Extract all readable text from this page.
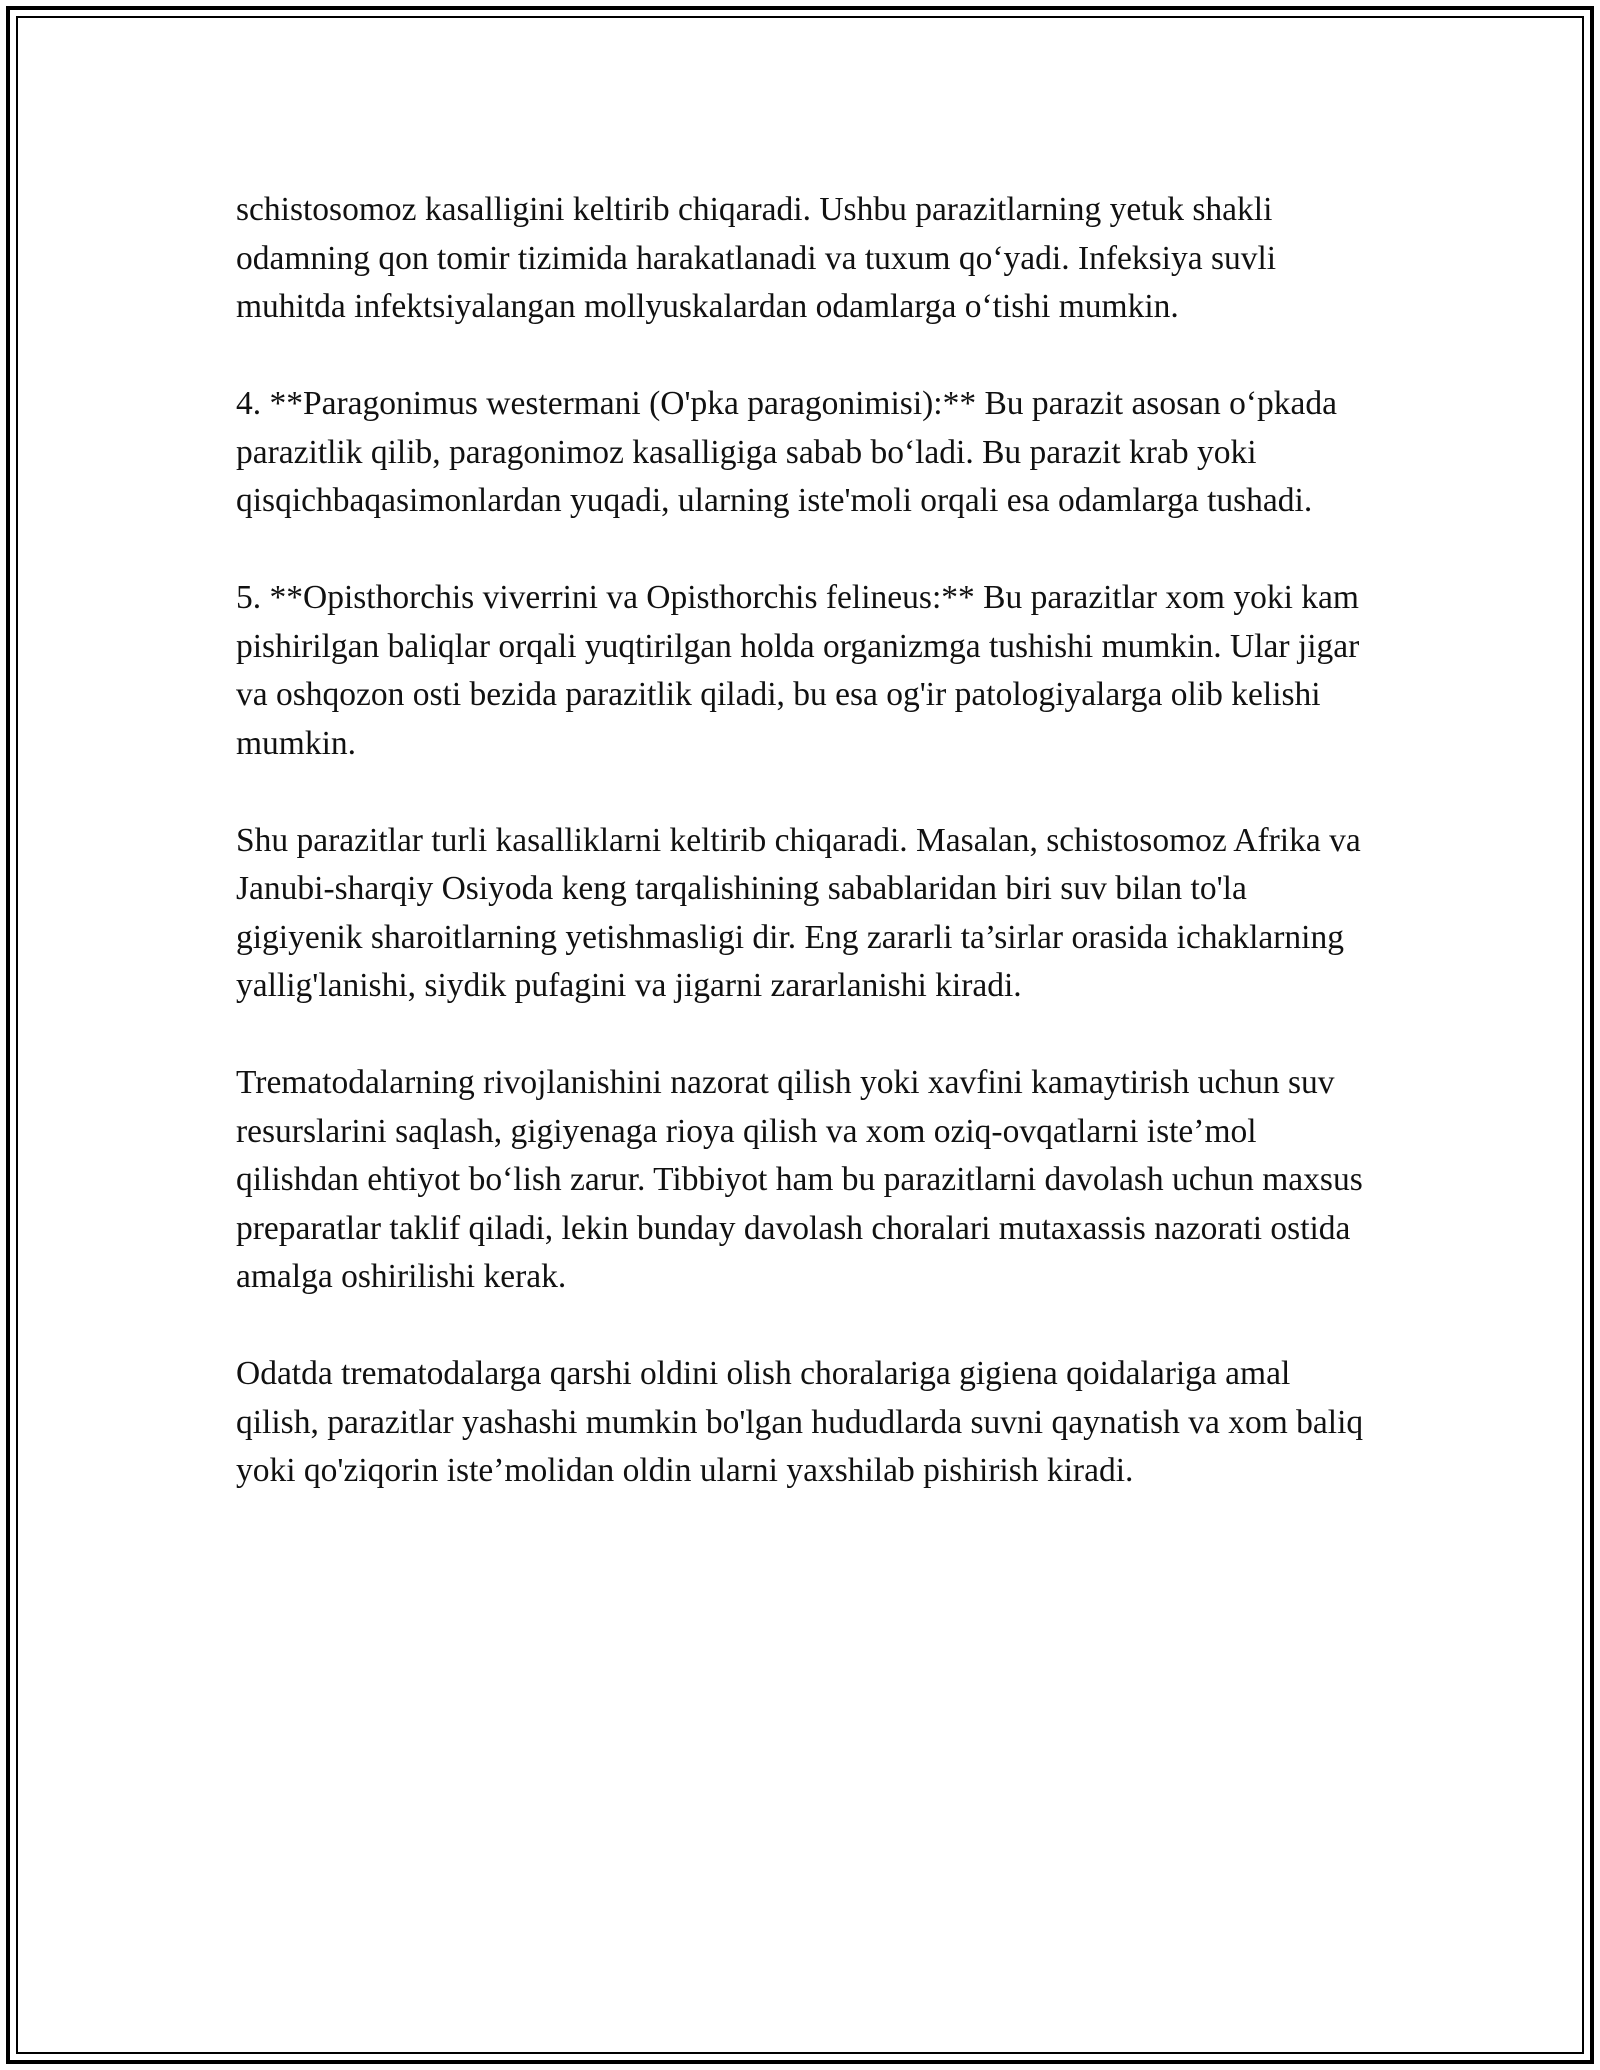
schistosomoz kasalligini keltirib chiqaradi. Ushbu parazitlarning yetuk shakli odamning qon tomir tizimida harakatlanadi va tuxum qo‘yadi. Infeksiya suvli muhitda infektsiyalangan mollyuskalardan odamlarga o‘tishi mumkin.

4. **Paragonimus westermani (O'pka paragonimisi):** Bu parazit asosan o‘pkada parazitlik qilib, paragonimoz kasalligiga sabab bo‘ladi. Bu parazit krab yoki qisqichbaqasimonlardan yuqadi, ularning iste'moli orqali esa odamlarga tushadi.

5. **Opisthorchis viverrini va Opisthorchis felineus:** Bu parazitlar xom yoki kam pishirilgan baliqlar orqali yuqtirilgan holda organizmga tushishi mumkin. Ular jigar va oshqozon osti bezida parazitlik qiladi, bu esa og'ir patologiyalarga olib kelishi mumkin.

Shu parazitlar turli kasalliklarni keltirib chiqaradi. Masalan, schistosomoz Afrika va Janubi-sharqiy Osiyoda keng tarqalishining sabablaridan biri suv bilan to'la gigiyenik sharoitlarning yetishmasligi dir. Eng zararli ta’sirlar orasida ichaklarning yallig'lanishi, siydik pufagini va jigarni zararlanishi kiradi.

Trematodalarning rivojlanishini nazorat qilish yoki xavfini kamaytirish uchun suv resurslarini saqlash, gigiyenaga rioya qilish va xom oziq-ovqatlarni iste’mol qilishdan ehtiyot bo‘lish zarur. Tibbiyot ham bu parazitlarni davolash uchun maxsus preparatlar taklif qiladi, lekin bunday davolash choralari mutaxassis nazorati ostida amalga oshirilishi kerak.

Odatda trematodalarga qarshi oldini olish choralariga gigiena qoidalariga amal qilish, parazitlar yashashi mumkin bo'lgan hududlarda suvni qaynatish va xom baliq yoki qo'ziqorin iste’molidan oldin ularni yaxshilab pishirish kiradi.
